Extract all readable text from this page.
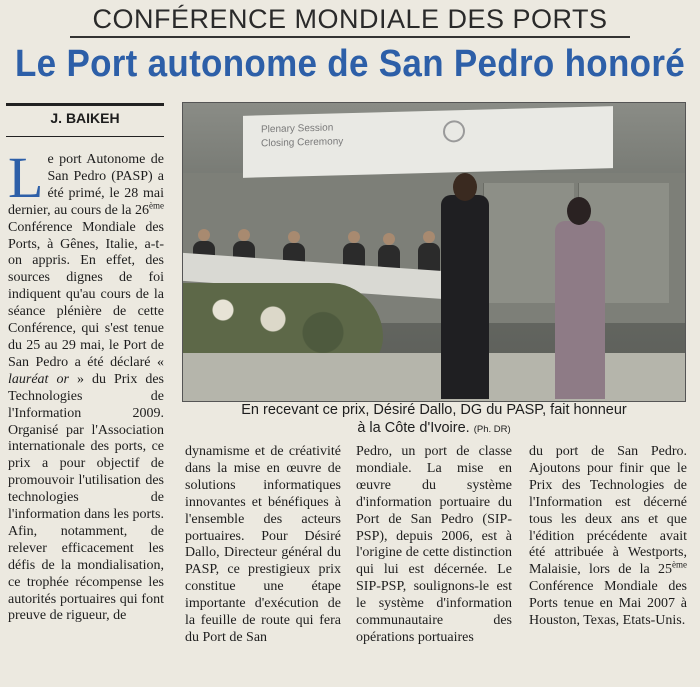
CONFÉRENCE MONDIALE DES PORTS
Le Port autonome de San Pedro honoré
J. BAIKEH
Le port Autonome de San Pedro (PASP) a été primé, le 28 mai dernier, au cours de la 26ème Conférence Mondiale des Ports, à Gênes, Italie, a-t-on appris. En effet, des sources dignes de foi indiquent qu'au cours de la séance plénière de cette Conférence, qui s'est tenue du 25 au 29 mai, le Port de San Pedro a été déclaré « lauréat or » du Prix des Technologies de l'Information 2009. Organisé par l'Association internationale des ports, ce prix a pour objectif de promouvoir l'utilisation des technologies de l'information dans les ports. Afin, notamment, de relever efficacement les défis de la mondialisation, ce trophée récompense les autorités portuaires qui font preuve de rigueur, de
Plenary Session
Closing Ceremony
En recevant ce prix, Désiré Dallo, DG du PASP, fait honneur
à la Côte d'Ivoire. (Ph. DR)

dynamisme et de créativité dans la mise en œuvre de solutions informatiques innovantes et bénéfiques à l'ensemble des acteurs portuaires. Pour Désiré Dallo, Directeur général du PASP, ce prestigieux prix constitue une étape importante d'exécution de la feuille de route qui fera du Port de San

Pedro, un port de classe mondiale. La mise en œuvre du système d'information portuaire du Port de San Pedro (SIP-PSP), depuis 2006, est à l'origine de cette distinction qui lui est décernée. Le SIP-PSP, soulignons-le est le système d'information communautaire des opérations portuaires

du port de San Pedro. Ajoutons pour finir que le Prix des Technologies de l'Information est décerné tous les deux ans et que l'édition précédente avait été attribuée à Westports, Malaisie, lors de la 25ème Conférence Mondiale des Ports tenue en Mai 2007 à Houston, Texas, Etats-Unis.
